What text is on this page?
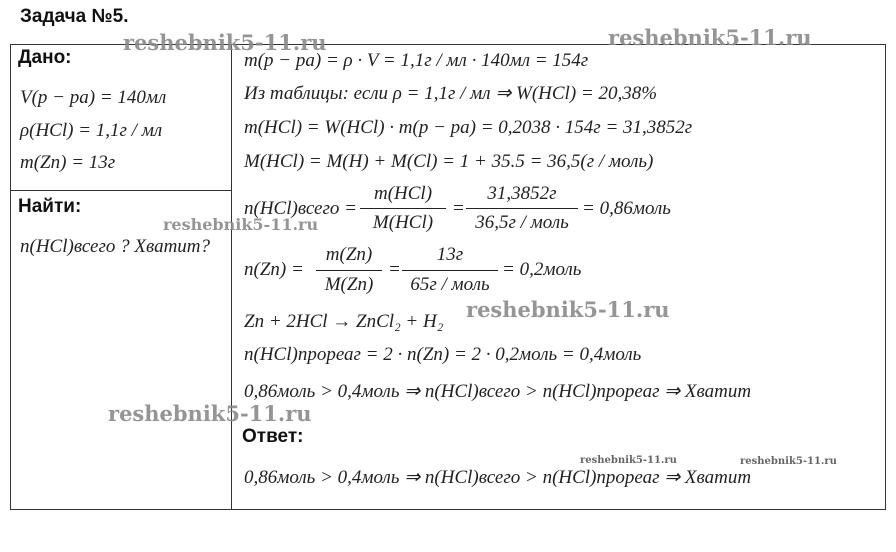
Задача №5.
Дано:
V(p − pa) = 140мл
ρ(HCl) = 1,1г / мл
m(Zn) = 13г
Найти:
n(HCl)всего ? Хватит?
m(p − pa) = ρ · V = 1,1г / мл · 140мл = 154г
Из таблицы: если ρ = 1,1г / мл ⇒ W(HCl) = 20,38%
m(HCl) = W(HCl) · m(p − pa) = 0,2038 · 154г = 31,3852г
M(HCl) = M(H) + M(Cl) = 1 + 35.5 = 36,5(г / моль)
n(HCl)всего =
m(HCl)
M(HCl)
=
31,3852г
36,5г / моль
= 0,86моль
n(Zn) =
m(Zn)
M(Zn)
=
13г
65г / моль
= 0,2моль
Zn + 2HCl → ZnCl₂ + H₂
n(HCl)прореаг = 2 · n(Zn) = 2 · 0,2моль = 0,4моль
0,86моль > 0,4моль ⇒ n(HCl)всего > n(HCl)прореаг ⇒ Хватит
Ответ:
0,86моль > 0,4моль ⇒ n(HCl)всего > n(HCl)прореаг ⇒ Хватит
reshebnik5-11.ru	reshebnik5-11.ru
reshebnik5-11.ru
reshebnik5-11.ru
reshebnik5-11.ru
reshebnik5-11.ru	reshebnik5-11.ru
